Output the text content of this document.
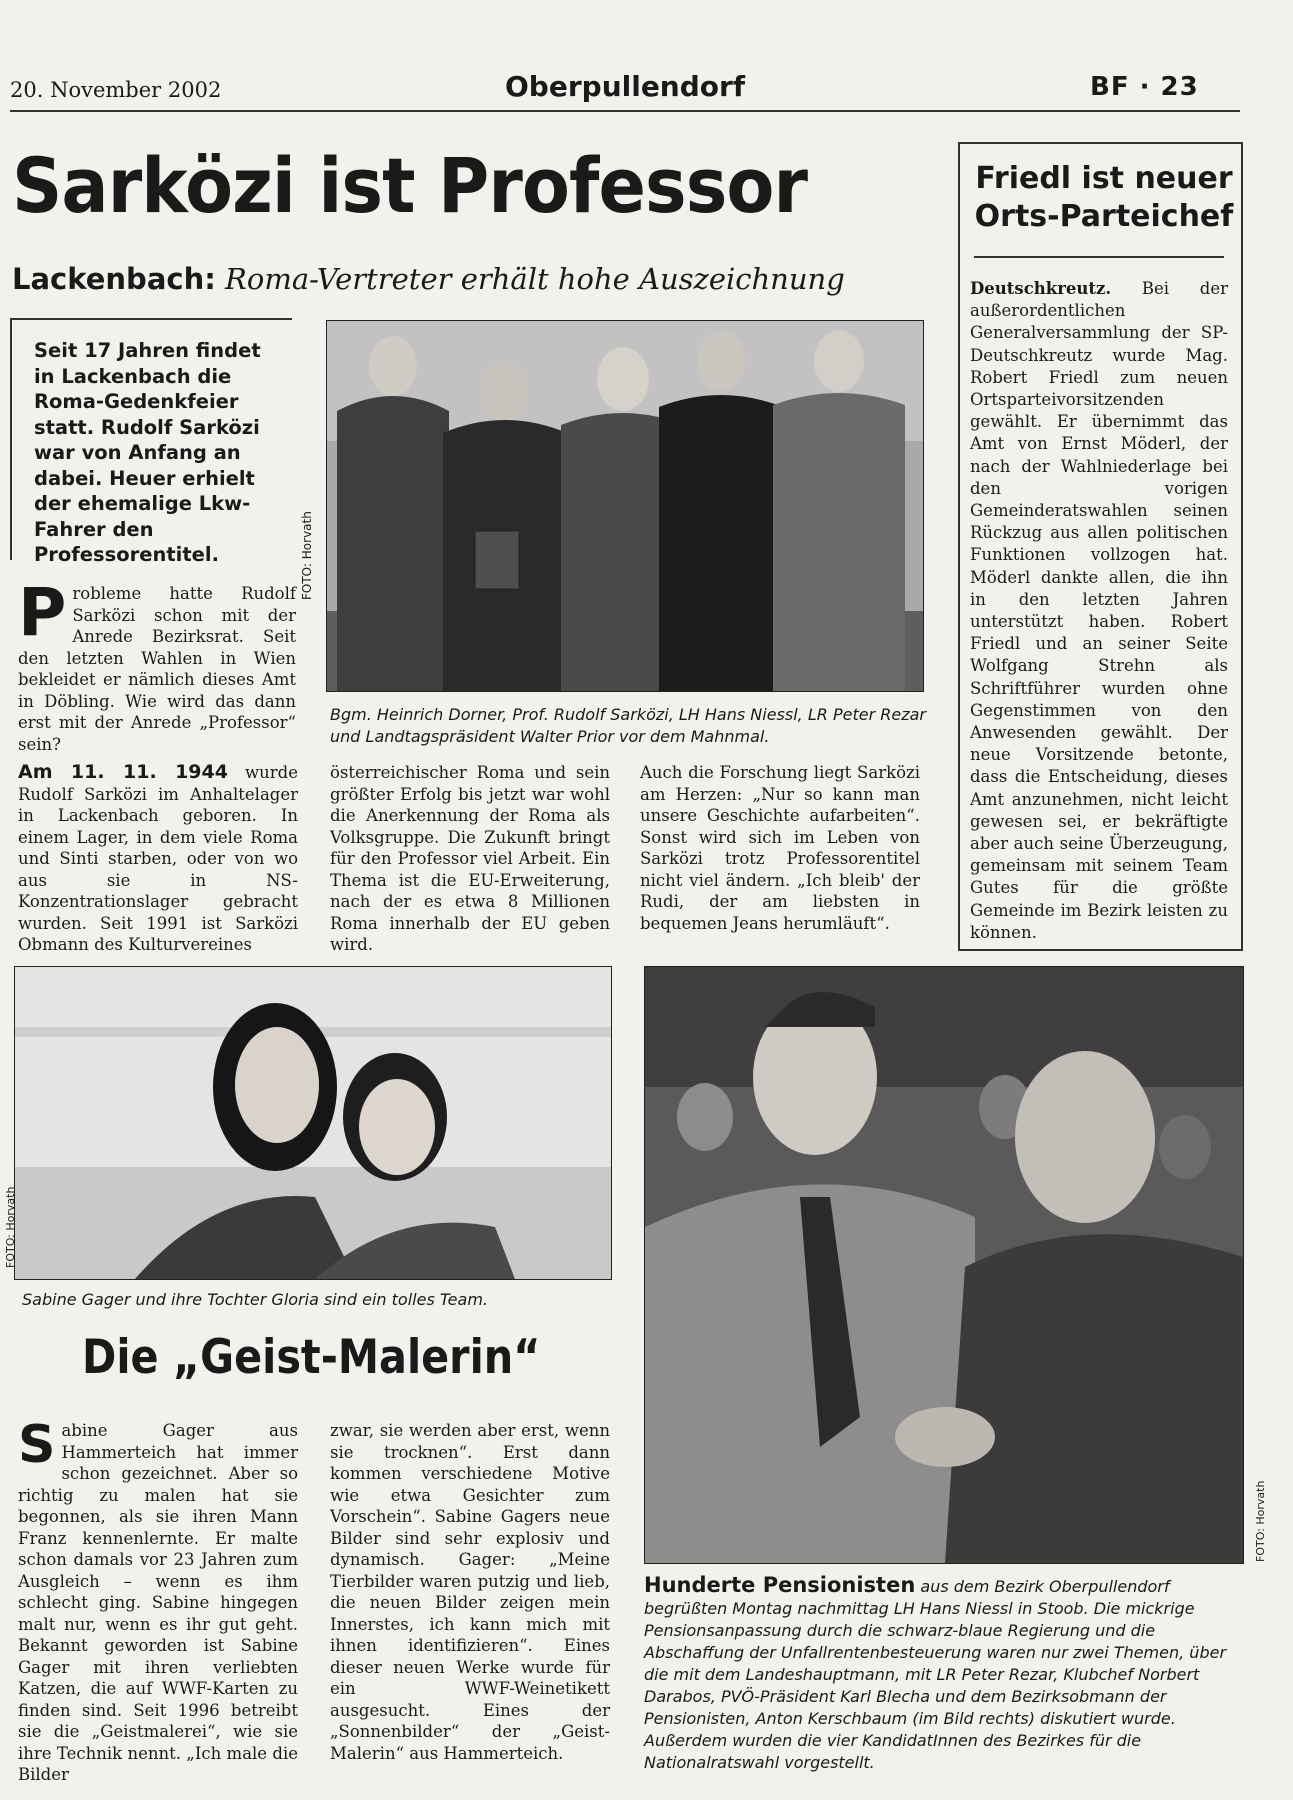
20. November 2002	Oberpullendorf	BF · 23
Sarközi ist Professor
Lackenbach: Roma-Vertreter erhält hohe Auszeichnung
Seit 17 Jahren findet in Lackenbach die Roma-Gedenkfeier statt. Rudolf Sarközi war von Anfang an dabei. Heuer erhielt der ehemalige Lkw-Fahrer den Professorentitel.
Probleme hatte Rudolf Sarközi schon mit der Anrede Bezirksrat. Seit den letzten Wahlen in Wien bekleidet er nämlich dieses Amt in Döbling. Wie wird das dann erst mit der Anrede „Professor“ sein?
FOTO: Horvath
Bgm. Heinrich Dorner, Prof. Rudolf Sarközi, LH Hans Niessl, LR Peter Rezar und Landtagspräsident Walter Prior vor dem Mahnmal.
Am 11. 11. 1944 wurde Rudolf Sarközi im Anhaltelager in Lackenbach geboren. In einem Lager, in dem viele Roma und Sinti starben, oder von wo aus sie in NS-Konzentrationslager gebracht wurden. Seit 1991 ist Sarközi Obmann des Kulturvereines
österreichischer Roma und sein größter Erfolg bis jetzt war wohl die Anerkennung der Roma als Volksgruppe. Die Zukunft bringt für den Professor viel Arbeit. Ein Thema ist die EU-Erweiterung, nach der es etwa 8 Millionen Roma innerhalb der EU geben wird.
Auch die Forschung liegt Sarközi am Herzen: „Nur so kann man unsere Geschichte aufarbeiten“. Sonst wird sich im Leben von Sarközi trotz Professorentitel nicht viel ändern. „Ich bleib' der Rudi, der am liebsten in bequemen Jeans herumläuft“.
Friedl ist neuer Orts-Parteichef
Deutschkreutz. Bei der außerordentlichen Generalversammlung der SP-Deutschkreutz wurde Mag. Robert Friedl zum neuen Ortsparteivorsitzenden gewählt. Er übernimmt das Amt von Ernst Möderl, der nach der Wahlniederlage bei den vorigen Gemeinderatswahlen seinen Rückzug aus allen politischen Funktionen vollzogen hat. Möderl dankte allen, die ihn in den letzten Jahren unterstützt haben. Robert Friedl und an seiner Seite Wolfgang Strehn als Schriftführer wurden ohne Gegenstimmen von den Anwesenden gewählt. Der neue Vorsitzende betonte, dass die Entscheidung, dieses Amt anzunehmen, nicht leicht gewesen sei, er bekräftigte aber auch seine Überzeugung, gemeinsam mit seinem Team Gutes für die größte Gemeinde im Bezirk leisten zu können.
FOTO: Horvath
Sabine Gager und ihre Tochter Gloria sind ein tolles Team.
Die „Geist-Malerin“
Sabine Gager aus Hammerteich hat immer schon gezeichnet. Aber so richtig zu malen hat sie begonnen, als sie ihren Mann Franz kennenlernte. Er malte schon damals vor 23 Jahren zum Ausgleich – wenn es ihm schlecht ging. Sabine hingegen malt nur, wenn es ihr gut geht. Bekannt geworden ist Sabine Gager mit ihren verliebten Katzen, die auf WWF-Karten zu finden sind. Seit 1996 betreibt sie die „Geistmalerei“, wie sie ihre Technik nennt. „Ich male die Bilder
zwar, sie werden aber erst, wenn sie trocknen“. Erst dann kommen verschiedene Motive wie etwa Gesichter zum Vorschein“. Sabine Gagers neue Bilder sind sehr explosiv und dynamisch. Gager: „Meine Tierbilder waren putzig und lieb, die neuen Bilder zeigen mein Innerstes, ich kann mich mit ihnen identifizieren“. Eines dieser neuen Werke wurde für ein WWF-Weinetikett ausgesucht. Eines der „Sonnenbilder“ der „Geist-Malerin“ aus Hammerteich.
FOTO: Horvath
Hunderte Pensionisten aus dem Bezirk Oberpullendorf begrüßten Montag nachmittag LH Hans Niessl in Stoob. Die mickrige Pensionsanpassung durch die schwarz-blaue Regierung und die Abschaffung der Unfallrentenbesteuerung waren nur zwei Themen, über die mit dem Landeshauptmann, mit LR Peter Rezar, Klubchef Norbert Darabos, PVÖ-Präsident Karl Blecha und dem Bezirksobmann der Pensionisten, Anton Kerschbaum (im Bild rechts) diskutiert wurde. Außerdem wurden die vier KandidatInnen des Bezirkes für die Nationalratswahl vorgestellt.
